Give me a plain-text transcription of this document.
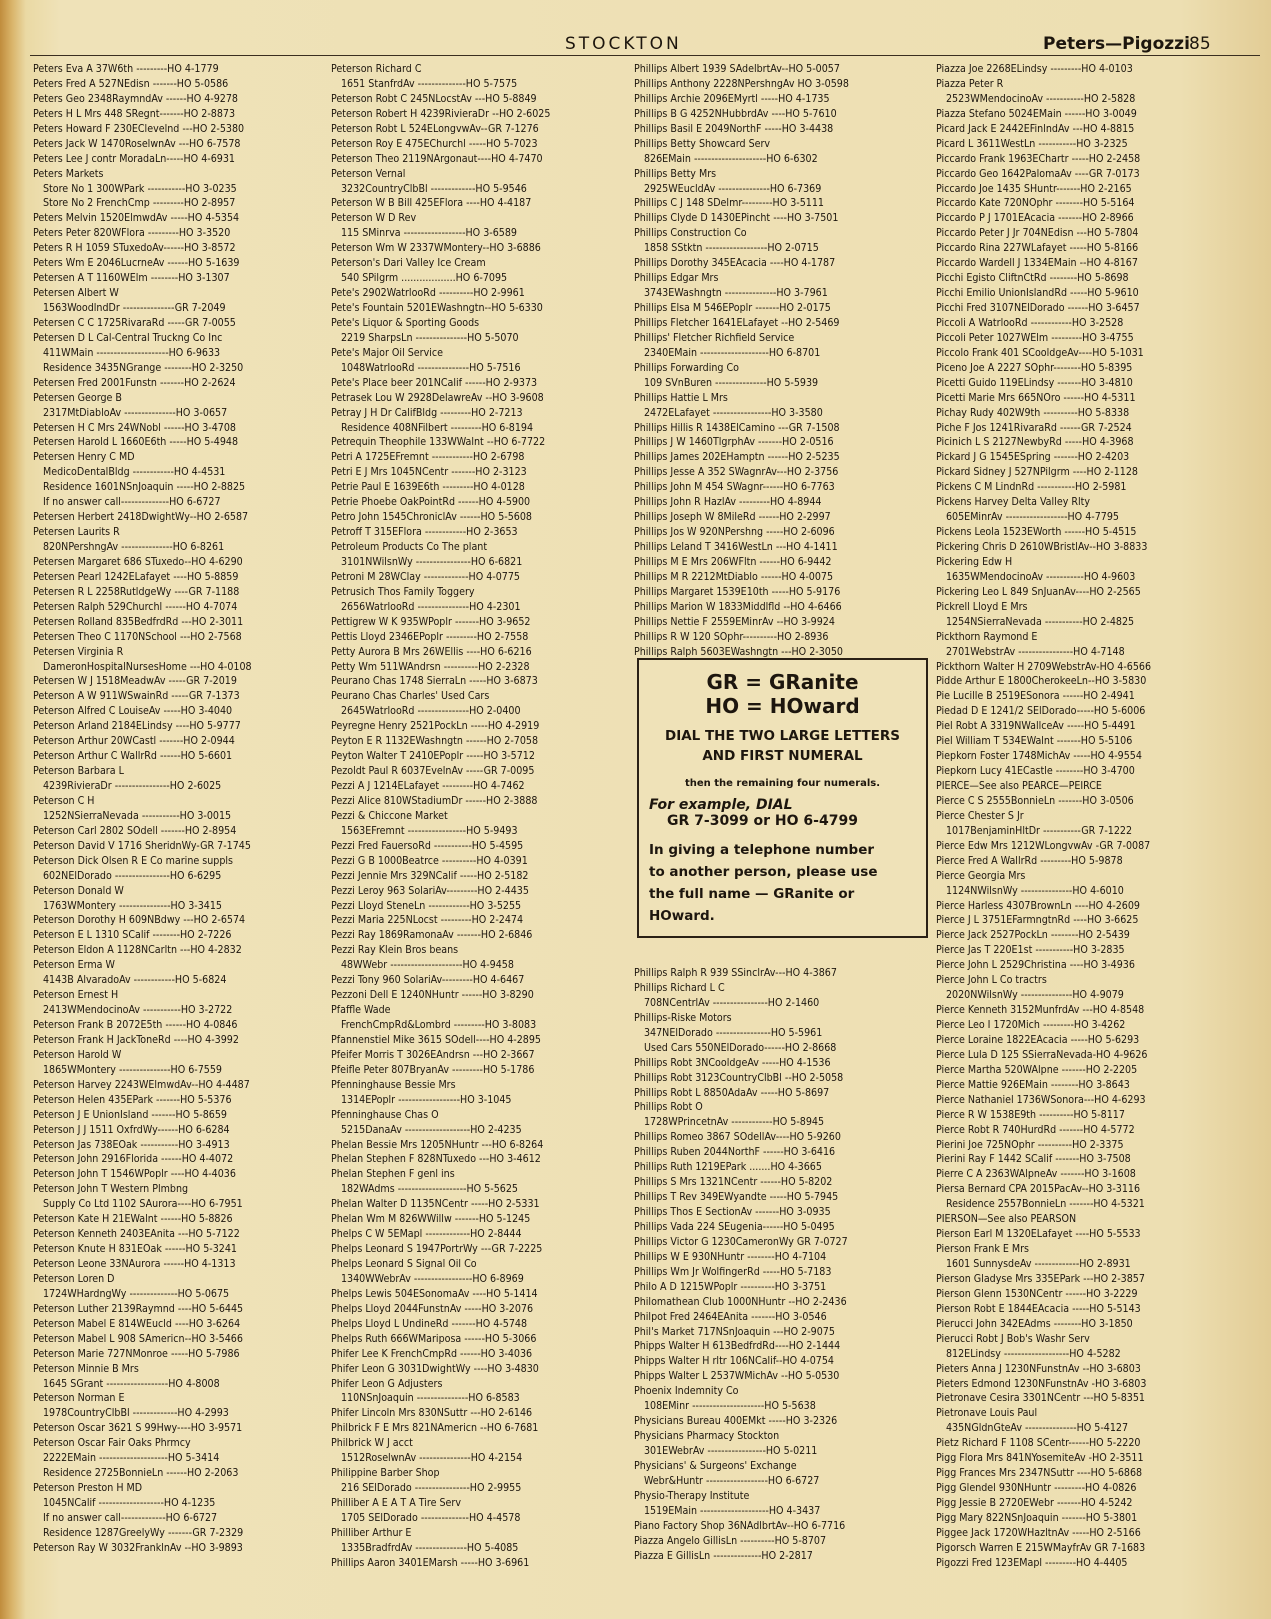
STOCKTON	Peters—Pigozzi 85
Peters Eva A 37W6th ---------HO 4-1779
Peters Fred A 527NEdisn -------HO 5-0586
Peters Geo 2348RaymndAv ------HO 4-9278
Peters H L Mrs 448 SRegnt-------HO 2-8873
Peters Howard F 230EClevelnd ---HO 2-5380
Peters Jack W 1470RoselwnAv ---HO 6-7578
Peters Lee J contr MoradaLn-----HO 4-6931
Peters Markets
Store No 1 300WPark -----------HO 3-0235
Store No 2 FrenchCmp ---------HO 2-8957
Peters Melvin 1520ElmwdAv -----HO 4-5354
Peters Peter 820WFlora ---------HO 3-3520
Peters R H 1059 STuxedoAv------HO 3-8572
Peters Wm E 2046LucrneAv ------HO 5-1639
Petersen A T 1160WElm --------HO 3-1307
Petersen Albert W
1563WoodlndDr ---------------GR 7-2049
Petersen C C 1725RivaraRd -----GR 7-0055
Petersen D L Cal-Central Truckng Co Inc
411WMain ---------------------HO 6-9633
Residence 3435NGrange --------HO 2-3250
Petersen Fred 2001Funstn -------HO 2-2624
Petersen George B
2317MtDiabloAv ---------------HO 3-0657
Petersen H C Mrs 24WNobl ------HO 3-4708
Petersen Harold L 1660E6th -----HO 5-4948
Petersen Henry C MD
MedicoDentalBldg ------------HO 4-4531
Residence 1601NSnJoaquin -----HO 2-8825
If no answer call--------------HO 6-6727
Petersen Herbert 2418DwightWy--HO 2-6587
Petersen Laurits R
820NPershngAv ---------------HO 6-8261
Petersen Margaret 686 STuxedo--HO 4-6290
Petersen Pearl 1242ELafayet ----HO 5-8859
Petersen R L 2258RutldgeWy ----GR 7-1188
Petersen Ralph 529Churchl ------HO 4-7074
Petersen Rolland 835BedfrdRd ---HO 2-3011
Petersen Theo C 1170NSchool ---HO 2-7568
Petersen Virginia R
DameronHospitalNursesHome ---HO 4-0108
Petersen W J 1518MeadwAv -----GR 7-2019
Peterson A W 911WSwainRd -----GR 7-1373
Peterson Alfred C LouiseAv -----HO 3-4040
Peterson Arland 2184ELindsy ----HO 5-9777
Peterson Arthur 20WCastl -------HO 2-0944
Peterson Arthur C WallrRd ------HO 5-6601
Peterson Barbara L
4239RivieraDr ----------------HO 2-6025
Peterson C H
1252NSierraNevada -----------HO 3-0015
Peterson Carl 2802 SOdell -------HO 2-8954
Peterson David V 1716 SheridnWy-GR 7-1745
Peterson Dick Olsen R E Co marine suppls
602NElDorado ----------------HO 6-6295
Peterson Donald W
1763WMontery ---------------HO 3-3415
Peterson Dorothy H 609NBdwy ---HO 2-6574
Peterson E L 1310 SCalif --------HO 2-7226
Peterson Eldon A 1128NCarltn ---HO 4-2832
Peterson Erma W
4143B AlvaradoAv ------------HO 5-6824
Peterson Ernest H
2413WMendocinoAv -----------HO 3-2722
Peterson Frank B 2072E5th ------HO 4-0846
Peterson Frank H JackToneRd ----HO 4-3992
Peterson Harold W
1865WMontery ---------------HO 6-7559
Peterson Harvey 2243WElmwdAv--HO 4-4487
Peterson Helen 435EPark -------HO 5-5376
Peterson J E UnionIsland -------HO 5-8659
Peterson J J 1511 OxfrdWy------HO 6-6284
Peterson Jas 738EOak -----------HO 3-4913
Peterson John 2916Florida ------HO 4-4072
Peterson John T 1546WPoplr ----HO 4-4036
Peterson John T Western Plmbng
Supply Co Ltd 1102 SAurora----HO 6-7951
Peterson Kate H 21EWalnt ------HO 5-8826
Peterson Kenneth 2403EAnita ---HO 5-7122
Peterson Knute H 831EOak ------HO 5-3241
Peterson Leone 33NAurora ------HO 4-1313
Peterson Loren D
1724WHardngWy --------------HO 5-0675
Peterson Luther 2139Raymnd ----HO 5-6445
Peterson Mabel E 814WEucld ----HO 3-6264
Peterson Mabel L 908 SAmericn--HO 3-5466
Peterson Marie 727NMonroe -----HO 5-7986
Peterson Minnie B Mrs
1645 SGrant ------------------HO 4-8008
Peterson Norman E
1978CountryClbBl -------------HO 4-2993
Peterson Oscar 3621 S 99Hwy----HO 3-9571
Peterson Oscar Fair Oaks Phrmcy
2222EMain --------------------HO 5-3414
Residence 2725BonnieLn ------HO 2-2063
Peterson Preston H MD
1045NCalif -------------------HO 4-1235
If no answer call-------------HO 6-6727
Residence 1287GreelyWy -------GR 7-2329
Peterson Ray W 3032FranklnAv --HO 3-9893
Peterson Richard C
1651 StanfrdAv --------------HO 5-7575
Peterson Robt C 245NLocstAv ---HO 5-8849
Peterson Robert H 4239RivieraDr --HO 2-6025
Peterson Robt L 524ELongvwAv--GR 7-1276
Peterson Roy E 475EChurchl -----HO 5-7023
Peterson Theo 2119NArgonaut----HO 4-7470
Peterson Vernal
3232CountryClbBl -------------HO 5-9546
Peterson W B Bill 425EFlora ----HO 4-4187
Peterson W D Rev
115 SMinrva ------------------HO 3-6589
Peterson Wm W 2337WMontery--HO 3-6886
Peterson's Dari Valley Ice Cream
540 SPilgrm ..................HO 6-7095
Pete's 2902WatrlooRd ----------HO 2-9961
Pete's Fountain 5201EWashngtn--HO 5-6330
Pete's Liquor & Sporting Goods
2219 SharpsLn ---------------HO 5-5070
Pete's Major Oil Service
1048WatrlooRd ---------------HO 5-7516
Pete's Place beer 201NCalif ------HO 2-9373
Petrasek Lou W 2928DelawreAv --HO 3-9608
Petray J H Dr CalifBldg ---------HO 2-7213
Residence 408NFilbert ---------HO 6-8194
Petrequin Theophile 133WWalnt --HO 6-7722
Petri A 1725EFremnt ------------HO 2-6798
Petri E J Mrs 1045NCentr -------HO 2-3123
Petrie Paul E 1639E6th ---------HO 4-0128
Petrie Phoebe OakPointRd ------HO 4-5900
Petro John 1545ChroniclAv ------HO 5-5608
Petroff T 315EFlora ------------HO 2-3653
Petroleum Products Co The plant
3101NWilsnWy ----------------HO 6-6821
Petroni M 28WClay -------------HO 4-0775
Petrusich Thos Family Toggery
2656WatrlooRd ---------------HO 4-2301
Pettigrew W K 935WPoplr -------HO 3-9652
Pettis Lloyd 2346EPoplr ---------HO 2-7558
Petty Aurora B Mrs 26WEllis ----HO 6-6216
Petty Wm 511WAndrsn ----------HO 2-2328
Peurano Chas 1748 SierraLn -----HO 3-6873
Peurano Chas Charles' Used Cars
2645WatrlooRd ---------------HO 2-0400
Peyregne Henry 2521PockLn -----HO 4-2919
Peyton E R 1132EWashngtn ------HO 2-7058
Peyton Walter T 2410EPoplr -----HO 3-5712
Pezoldt Paul R 6037EvelnAv -----GR 7-0095
Pezzi A J 1214ELafayet ---------HO 4-7462
Pezzi Alice 810WStadiumDr ------HO 2-3888
Pezzi & Chiccone Market
1563EFremnt -----------------HO 5-9493
Pezzi Fred FauersoRd -----------HO 5-4595
Pezzi G B 1000Beatrce ----------HO 4-0391
Pezzi Jennie Mrs 329NCalif -----HO 2-5182
Pezzi Leroy 963 SolariAv---------HO 2-4435
Pezzi Lloyd SteneLn ------------HO 3-5255
Pezzi Maria 225NLocst ---------HO 2-2474
Pezzi Ray 1869RamonaAv -------HO 2-6846
Pezzi Ray Klein Bros beans
48WWebr ---------------------HO 4-9458
Pezzi Tony 960 SolariAv---------HO 4-6467
Pezzoni Dell E 1240NHuntr ------HO 3-8290
Pfaffle Wade
FrenchCmpRd&Lombrd ---------HO 3-8083
Pfannenstiel Mike 3615 SOdell----HO 4-2895
Pfeifer Morris T 3026EAndrsn ---HO 2-3667
Pfeifle Peter 807BryanAv ---------HO 5-1786
Pfenninghause Bessie Mrs
1314EPoplr ------------------HO 3-1045
Pfenninghause Chas O
5215DanaAv -------------------HO 2-4235
Phelan Bessie Mrs 1205NHuntr ---HO 6-8264
Phelan Stephen F 828NTuxedo ---HO 3-4612
Phelan Stephen F genl ins
182WAdms --------------------HO 5-5625
Phelan Walter D 1135NCentr -----HO 2-5331
Phelan Wm M 826WWillw -------HO 5-1245
Phelps C W 5EMapl -------------HO 2-8444
Phelps Leonard S 1947PortrWy ---GR 7-2225
Phelps Leonard S Signal Oil Co
1340WWebrAv -----------------HO 6-8969
Phelps Lewis 504ESonomaAv ----HO 5-1414
Phelps Lloyd 2044FunstnAv -----HO 3-2076
Phelps Lloyd L UndineRd -------HO 4-5748
Phelps Ruth 666WMariposa ------HO 5-3066
Phifer Lee K FrenchCmpRd ------HO 3-4036
Phifer Leon G 3031DwightWy ----HO 3-4830
Phifer Leon G Adjusters
110NSnJoaquin ---------------HO 6-8583
Phifer Lincoln Mrs 830NSuttr ---HO 2-6146
Philbrick F E Mrs 821NAmericn --HO 6-7681
Philbrick W J acct
1512RoselwnAv ---------------HO 4-2154
Philippine Barber Shop
216 SElDorado ----------------HO 2-9955
Philliber A E A T A Tire Serv
1705 SElDorado --------------HO 4-4578
Philliber Arthur E
1335BradfrdAv ---------------HO 5-4085
Phillips Aaron 3401EMarsh -----HO 3-6961
Phillips Albert 1939 SAdelbrtAv--HO 5-0057
Phillips Anthony 2228NPershngAv HO 3-0598
Phillips Archie 2096EMyrtl -----HO 4-1735
Phillips B G 4252NHubbrdAv ----HO 5-7610
Phillips Basil E 2049NorthF -----HO 3-4438
Phillips Betty Showcard Serv
826EMain ---------------------HO 6-6302
Phillips Betty Mrs
2925WEucldAv ---------------HO 6-7369
Phillips C J 148 SDelmr---------HO 3-5111
Phillips Clyde D 1430EPincht ----HO 3-7501
Phillips Construction Co
1858 SStktn ------------------HO 2-0715
Phillips Dorothy 345EAcacia ----HO 4-1787
Phillips Edgar Mrs
3743EWashngtn ---------------HO 3-7961
Phillips Elsa M 546EPoplr -------HO 2-0175
Phillips Fletcher 1641ELafayet --HO 2-5469
Phillips' Fletcher Richfield Service
2340EMain --------------------HO 6-8701
Phillips Forwarding Co
109 SVnBuren ---------------HO 5-5939
Phillips Hattie L Mrs
2472ELafayet -----------------HO 3-3580
Phillips Hillis R 1438ElCamino ---GR 7-1508
Phillips J W 1460TlgrphAv -------HO 2-0516
Phillips James 202EHamptn ------HO 2-5235
Phillips Jesse A 352 SWagnrAv---HO 2-3756
Phillips John M 454 SWagnr------HO 6-7763
Phillips John R HazlAv ---------HO 4-8944
Phillips Joseph W 8MileRd ------HO 2-2997
Phillips Jos W 920NPershng -----HO 2-6096
Phillips Leland T 3416WestLn ---HO 4-1411
Phillips M E Mrs 206WFltn ------HO 6-9442
Phillips M R 2212MtDiablo ------HO 4-0075
Phillips Margaret 1539E10th -----HO 5-9176
Phillips Marion W 1833Middlfld --HO 4-6466
Phillips Nettie F 2559EMinrAv --HO 3-9924
Phillips R W 120 SOphr----------HO 2-8936
Phillips Ralph 5603EWashngtn ---HO 2-3050
Piazza Joe 2268ELindsy ---------HO 4-0103
Piazza Peter R
2523WMendocinoAv -----------HO 2-5828
Piazza Stefano 5024EMain ------HO 3-0049
Picard Jack E 2442EFinlndAv ---HO 4-8815
Picard L 3611WestLn -----------HO 3-2325
Piccardo Frank 1963EChartr -----HO 2-2458
Piccardo Geo 1642PalomaAv ----GR 7-0173
Piccardo Joe 1435 SHuntr-------HO 2-2165
Piccardo Kate 720NOphr --------HO 5-5164
Piccardo P J 1701EAcacia -------HO 2-8966
Piccardo Peter J Jr 704NEdisn ---HO 5-7804
Piccardo Rina 227WLafayet -----HO 5-8166
Piccardo Wardell J 1334EMain --HO 4-8167
Picchi Egisto CliftnCtRd --------HO 5-8698
Picchi Emilio UnionIslandRd -----HO 5-9610
Picchi Fred 3107NElDorado ------HO 3-6457
Piccoli A WatrlooRd ------------HO 3-2528
Piccoli Peter 1027WElm ---------HO 3-4755
Piccolo Frank 401 SCooldgeAv----HO 5-1031
Piceno Joe A 2227 SOphr--------HO 5-8395
Picetti Guido 119ELindsy -------HO 3-4810
Picetti Marie Mrs 665NOro ------HO 4-5311
Pichay Rudy 402W9th ----------HO 5-8338
Piche F Jos 1241RivaraRd ------GR 7-2524
Picinich L S 2127NewbyRd -----HO 4-3968
Pickard J G 1545ESpring -------HO 2-4203
Pickard Sidney J 527NPilgrm ----HO 2-1128
Pickens C M LindnRd -----------HO 2-5981
Pickens Harvey Delta Valley Rlty
605EMinrAv ------------------HO 4-7795
Pickens Leola 1523EWorth ------HO 5-4515
Pickering Chris D 2610WBristlAv--HO 3-8833
Pickering Edw H
1635WMendocinoAv -----------HO 4-9603
Pickering Leo L 849 SnJuanAv----HO 2-2565
Pickrell Lloyd E Mrs
1254NSierraNevada -----------HO 2-4825
Pickthorn Raymond E
2701WebstrAv ----------------HO 4-7148
Pickthorn Walter H 2709WebstrAv-HO 4-6566
Pidde Arthur E 1800CherokeeLn--HO 3-5830
Pie Lucille B 2519ESonora ------HO 2-4941
Piedad D E 1241/2 SElDorado-----HO 5-6006
Piel Robt A 3319NWallceAv -----HO 5-4491
Piel William T 534EWalnt -------HO 5-5106
Piepkorn Foster 1748MichAv -----HO 4-9554
Piepkorn Lucy 41ECastle --------HO 3-4700
PIERCE—See also PEARCE—PEIRCE
Pierce C S 2555BonnieLn -------HO 3-0506
Pierce Chester S Jr
1017BenjaminHltDr -----------GR 7-1222
Pierce Edw Mrs 1212WLongvwAv -GR 7-0087
Pierce Fred A WallrRd ---------HO 5-9878
Pierce Georgia Mrs
1124NWilsnWy ---------------HO 4-6010
Pierce Harless 4307BrownLn ----HO 4-2609
Pierce J L 3751EFarmngtnRd ----HO 3-6625
Pierce Jack 2527PockLn --------HO 2-5439
Pierce Jas T 220E1st -----------HO 3-2835
Pierce John L 2529Christina ----HO 3-4936
Pierce John L Co tractrs
2020NWilsnWy ---------------HO 4-9079
Pierce Kenneth 3152MunfrdAv ---HO 4-8548
Pierce Leo I 1720Mich ---------HO 3-4262
Pierce Loraine 1822EAcacia -----HO 5-6293
Pierce Lula D 125 SSierraNevada-HO 4-9626
Pierce Martha 520WAlpne -------HO 2-2205
Pierce Mattie 926EMain --------HO 3-8643
Pierce Nathaniel 1736WSonora---HO 4-6293
Pierce R W 1538E9th ----------HO 5-8117
Pierce Robt R 740HurdRd -------HO 4-5772
Pierini Joe 725NOphr ----------HO 2-3375
Pierini Ray F 1442 SCalif -------HO 3-7508
Pierre C A 2363WAlpneAv -------HO 3-1608
Piersa Bernard CPA 2015PacAv--HO 3-3116
Residence 2557BonnieLn -------HO 4-5321
PIERSON—See also PEARSON
Pierson Earl M 1320ELafayet ----HO 5-5533
Pierson Frank E Mrs
1601 SunnysdeAv -------------HO 2-8931
Pierson Gladyse Mrs 335EPark ---HO 2-3857
Pierson Glenn 1530NCentr ------HO 3-2229
Pierson Robt E 1844EAcacia -----HO 5-5143
Pierucci John 342EAdms --------HO 3-1850
Pierucci Robt J Bob's Washr Serv
812ELindsy -------------------HO 4-5282
Pieters Anna J 1230NFunstnAv --HO 3-6803
Pieters Edmond 1230NFunstnAv -HO 3-6803
Pietronave Cesira 3301NCentr ---HO 5-8351
Pietronave Louis Paul
435NGldnGteAv ---------------HO 5-4127
Pietz Richard F 1108 SCentr------HO 5-2220
Pigg Flora Mrs 841NYosemiteAv -HO 2-3511
Pigg Frances Mrs 2347NSuttr ----HO 5-6868
Pigg Glendel 930NHuntr ---------HO 4-0826
Pigg Jessie B 2720EWebr -------HO 4-5242
Pigg Mary 822NSnJoaquin -------HO 5-3801
Piggee Jack 1720WHazltnAv -----HO 2-5166
Pigorsch Warren E 215WMayfrAv GR 7-1683
Pigozzi Fred 123EMapl ---------HO 4-4405
Phillips Ralph R 939 SSinclrAv---HO 4-3867
Phillips Richard L C
708NCentrlAv ----------------HO 2-1460
Phillips-Riske Motors
347NElDorado ----------------HO 5-5961
Used Cars 550NElDorado------HO 2-8668
Phillips Robt 3NCooldgeAv -----HO 4-1536
Phillips Robt 3123CountryClbBl --HO 2-5058
Phillips Robt L 8850AdaAv -----HO 5-8697
Phillips Robt O
1728WPrincetnAv ------------HO 5-8945
Phillips Romeo 3867 SOdellAv----HO 5-9260
Phillips Ruben 2044NorthF ------HO 3-6416
Phillips Ruth 1219EPark .......HO 4-3665
Phillips S Mrs 1321NCentr ------HO 5-8202
Phillips T Rev 349EWyandte -----HO 5-7945
Phillips Thos E SectionAv -------HO 3-0935
Phillips Vada 224 SEugenia------HO 5-0495
Phillips Victor G 1230CameronWy GR 7-0727
Phillips W E 930NHuntr --------HO 4-7104
Phillips Wm Jr WolfingerRd -----HO 5-7183
Philo A D 1215WPoplr ----------HO 3-3751
Philomathean Club 1000NHuntr --HO 2-2436
Philpot Fred 2464EAnita -------HO 3-0546
Phil's Market 717NSnJoaquin ---HO 2-9075
Phipps Walter H 613BedfrdRd----HO 2-1444
Phipps Walter H rltr 106NCalif--HO 4-0754
Phipps Walter L 2537WMichAv --HO 5-0530
Phoenix Indemnity Co
108EMinr ---------------------HO 5-5638
Physicians Bureau 400EMkt -----HO 3-2326
Physicians Pharmacy Stockton
301EWebrAv -----------------HO 5-0211
Physicians' & Surgeons' Exchange
Webr&Huntr ------------------HO 6-6727
Physio-Therapy Institute
1519EMain --------------------HO 4-3437
Piano Factory Shop 36NAdlbrtAv--HO 6-7716
Piazza Angelo GillisLn ----------HO 5-8707
Piazza E GillisLn --------------HO 2-2817
GR = GRanite
HO = HOward
DIAL THE TWO LARGE LETTERS
AND FIRST NUMERAL
then the remaining four numerals.
For example, DIAL
GR 7-3099 or HO 6-4799
In giving a telephone number
to another person, please use
the full name — GRanite or
HOward.
